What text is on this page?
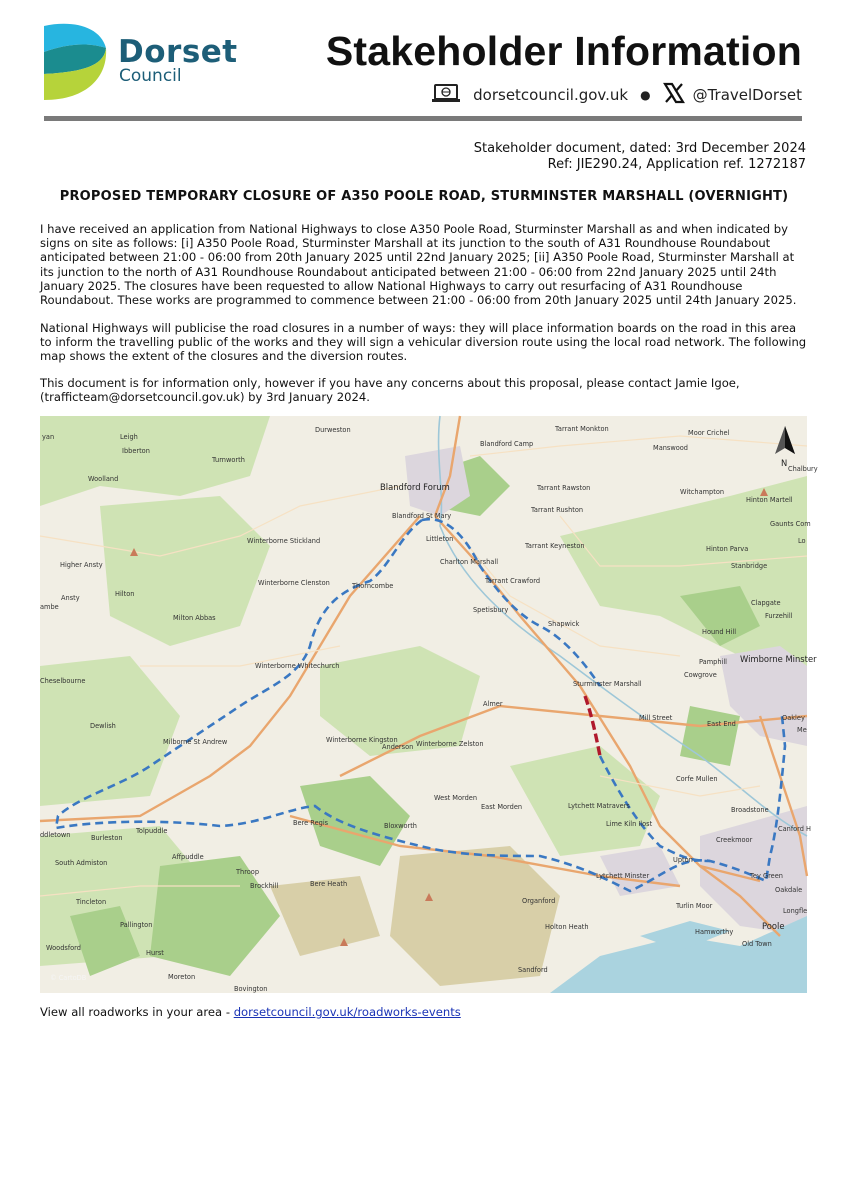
Dorset
Council
Stakeholder Information
dorsetcouncil.gov.uk ●	@TravelDorset
Stakeholder document, dated: 3rd December 2024
Ref: JIE290.24, Application ref. 1272187
PROPOSED TEMPORARY CLOSURE OF A350 POOLE ROAD, STURMINSTER MARSHALL (OVERNIGHT)

I have received an application from National Highways to close A350 Poole Road, Sturminster Marshall as and when indicated by signs on site as follows: [i] A350 Poole Road, Sturminster Marshall at its junction to the south of A31 Roundhouse Roundabout anticipated between 21:00 - 06:00 from 20th January 2025 until 22nd January 2025; [ii] A350 Poole Road, Sturminster Marshall at its junction to the north of A31 Roundhouse Roundabout anticipated between 21:00 - 06:00 from 22nd January 2025 until 24th January 2025. The closures have been requested to allow National Highways to carry out resurfacing of A31 Roundhouse Roundabout. These works are programmed to commence between 21:00 - 06:00 from 20th January 2025 until 24th January 2025.

National Highways will publicise the road closures in a number of ways: they will place information boards on the road in this area to inform the travelling public of the works and they will sign a vehicular diversion route using the local road network. The following map shows the extent of the closures and the diversion routes.

This document is for information only, however if you have any concerns about this proposal, please contact Jamie Igoe, (trafficteam@dorsetcouncil.gov.uk) by 3rd January 2024.

N
yan	Leigh
Ibberton
Durweston	Tarrant Monkton	Moor Crichel
Manswood
Turnworth
Woolland
Blandford Camp
Chalbury
Blandford Forum	Tarrant Rawston	Witchampton
Hinton Martell
Blandford St Mary
Tarrant Rushton
Gaunts Com
Winterborne Stickland	Littleton
Tarrant Keyneston	Hinton Parva
Lo
Charlton Marshall
Higher Ansty	Stanbridge
Thorncombe
Tarrant Crawford
Winterborne Clenston
Ansty	Hilton
Clapgate
ambe	Spetisbury
Furzehill
Milton Abbas
Shapwick
Hound Hill
Winterborne Whitechurch	Pamphill
Cowgrove
Wimborne Minster
Cheselbourne	Sturminster Marshall
Almer
Mill Street	Oakley
Me
Dewlish	East End
Milborne St Andrew	Winterborne Kingston
Anderson Winterborne Zelston
Corfe Mullen
West Morden
Broadstone
ddletown
East Morden	Lytchett Matravers
Canford H
Burleston
Tolpuddle
Bere Regis	Bloxworth	Lime Kiln Ilost
Creekmoor
South Admiston
Affpuddle	Upton
Throop	Lytchett Minster	Tey Green
Oakdale
Brockhill	Bere Heath
Tincleton	Organford
Turlin Moor
Longfle
Pallington	Holton Heath
Hamworthy
Poole
Woodsford
Hurst
Old Town
Moreton
Sandford
Bovington
© CartoDB
View all roadworks in your area - dorsetcouncil.gov.uk/roadworks-events
